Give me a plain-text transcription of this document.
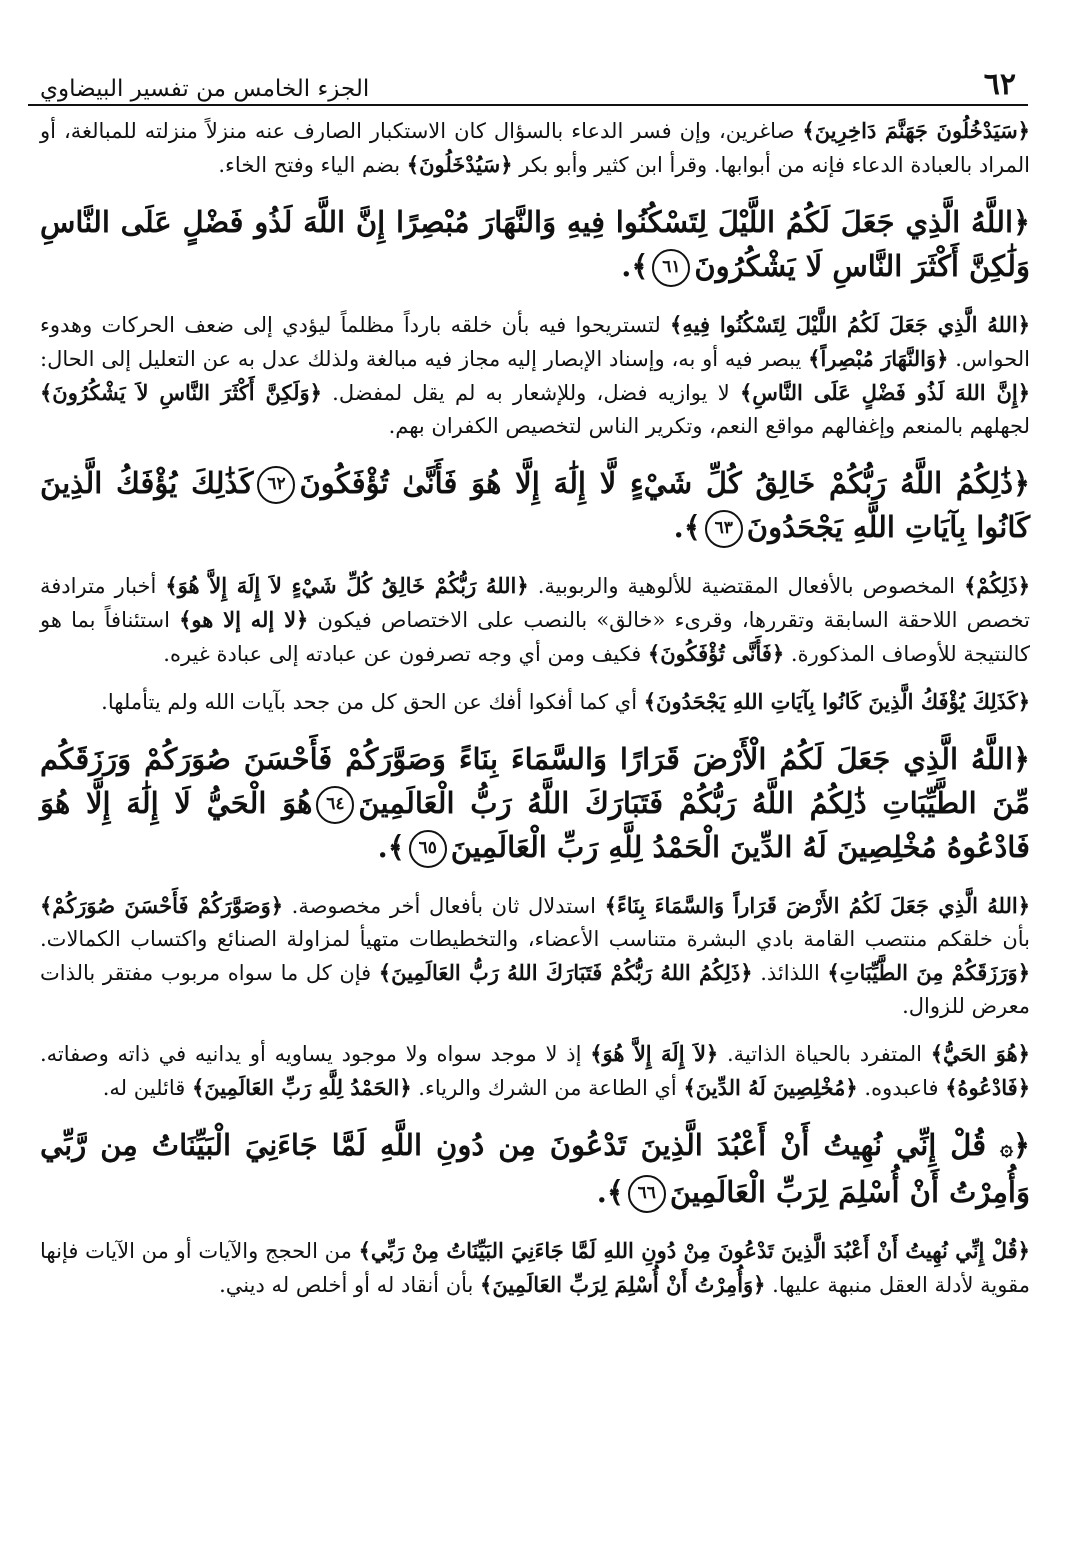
٦٢
الجزء الخامس من تفسير البيضاوي

﴿سَيَدْخُلُونَ جَهَنَّمَ دَاخِرِينَ﴾ صاغرين، وإن فسر الدعاء بالسؤال كان الاستكبار الصارف عنه منزلاً منزلته للمبالغة، أو المراد بالعبادة الدعاء فإنه من أبوابها. وقرأ ابن كثير وأبو بكر ﴿سَيُدْخَلُونَ﴾ بضم الياء وفتح الخاء.

﴿اللَّهُ الَّذِي جَعَلَ لَكُمُ اللَّيْلَ لِتَسْكُنُوا فِيهِ وَالنَّهَارَ مُبْصِرًا إِنَّ اللَّهَ لَذُو فَضْلٍ عَلَى النَّاسِ وَلَٰكِنَّ أَكْثَرَ النَّاسِ لَا يَشْكُرُونَ٦١﴾.

﴿اللهُ الَّذِي جَعَلَ لَكُمُ اللَّيْلَ لِتَسْكُنُوا فِيهِ﴾ لتستريحوا فيه بأن خلقه بارداً مظلماً ليؤدي إلى ضعف الحركات وهدوء الحواس. ﴿وَالنَّهَارَ مُبْصِراً﴾ يبصر فيه أو به، وإسناد الإبصار إليه مجاز فيه مبالغة ولذلك عدل به عن التعليل إلى الحال: ﴿إِنَّ اللهَ لَذُو فَضْلٍ عَلَى النَّاسِ﴾ لا يوازيه فضل، وللإشعار به لم يقل لمفضل. ﴿وَلَكِنَّ أَكْثَرَ النَّاسِ لاَ يَشْكُرُونَ﴾ لجهلهم بالمنعم وإغفالهم مواقع النعم، وتكرير الناس لتخصيص الكفران بهم.

﴿ذَٰلِكُمُ اللَّهُ رَبُّكُمْ خَالِقُ كُلِّ شَيْءٍ لَّا إِلَٰهَ إِلَّا هُوَ فَأَنَّىٰ تُؤْفَكُونَ٦٢كَذَٰلِكَ يُؤْفَكُ الَّذِينَ كَانُوا بِآيَاتِ اللَّهِ يَجْحَدُونَ٦٣﴾.

﴿ذَلِكُمْ﴾ المخصوص بالأفعال المقتضية للألوهية والربوبية. ﴿اللهُ رَبُّكُمْ خَالِقُ كُلِّ شَيْءٍ لاَ إِلَهَ إِلاَّ هُوَ﴾ أخبار مترادفة تخصص اللاحقة السابقة وتقررها، وقرىء «خالق» بالنصب على الاختصاص فيكون ﴿لا إله إلا هو﴾ استئنافاً بما هو كالنتيجة للأوصاف المذكورة. ﴿فَأَنَّى تُؤْفَكُونَ﴾ فكيف ومن أي وجه تصرفون عن عبادته إلى عبادة غيره.

﴿كَذَلِكَ يُؤْفَكُ الَّذِينَ كَانُوا بِآيَاتِ اللهِ يَجْحَدُونَ﴾ أي كما أفكوا أفك عن الحق كل من جحد بآيات الله ولم يتأملها.

﴿اللَّهُ الَّذِي جَعَلَ لَكُمُ الْأَرْضَ قَرَارًا وَالسَّمَاءَ بِنَاءً وَصَوَّرَكُمْ فَأَحْسَنَ صُوَرَكُمْ وَرَزَقَكُم مِّنَ الطَّيِّبَاتِ ذَٰلِكُمُ اللَّهُ رَبُّكُمْ فَتَبَارَكَ اللَّهُ رَبُّ الْعَالَمِينَ٦٤هُوَ الْحَيُّ لَا إِلَٰهَ إِلَّا هُوَ فَادْعُوهُ مُخْلِصِينَ لَهُ الدِّينَ الْحَمْدُ لِلَّهِ رَبِّ الْعَالَمِينَ٦٥﴾.

﴿اللهُ الَّذِي جَعَلَ لَكُمُ الأَرْضَ قَرَاراً وَالسَّمَاءَ بِنَاءً﴾ استدلال ثان بأفعال أخر مخصوصة. ﴿وَصَوَّرَكُمْ فَأَحْسَنَ صُوَرَكُمْ﴾ بأن خلقكم منتصب القامة بادي البشرة متناسب الأعضاء، والتخطيطات متهيأ لمزاولة الصنائع واكتساب الكمالات. ﴿وَرَزَقَكُمْ مِنَ الطَّيِّبَاتِ﴾ اللذائذ. ﴿ذَلِكُمُ اللهُ رَبُّكُمْ فَتَبَارَكَ اللهُ رَبُّ العَالَمِينَ﴾ فإن كل ما سواه مربوب مفتقر بالذات معرض للزوال.

﴿هُوَ الحَيُّ﴾ المتفرد بالحياة الذاتية. ﴿لاَ إِلَهَ إِلاَّ هُوَ﴾ إذ لا موجد سواه ولا موجود يساويه أو يدانيه في ذاته وصفاته. ﴿فَادْعُوهُ﴾ فاعبدوه. ﴿مُخْلِصِينَ لَهُ الدِّينَ﴾ أي الطاعة من الشرك والرياء. ﴿الحَمْدُ لِلَّهِ رَبِّ العَالَمِينَ﴾ قائلين له.

﴿۞ قُلْ إِنِّي نُهِيتُ أَنْ أَعْبُدَ الَّذِينَ تَدْعُونَ مِن دُونِ اللَّهِ لَمَّا جَاءَنِيَ الْبَيِّنَاتُ مِن رَّبِّي وَأُمِرْتُ أَنْ أُسْلِمَ لِرَبِّ الْعَالَمِينَ٦٦﴾.

﴿قُلْ إِنِّي نُهِيتُ أَنْ أَعْبُدَ الَّذِينَ تَدْعُونَ مِنْ دُونِ اللهِ لَمَّا جَاءَنِيَ البَيِّنَاتُ مِنْ رَبِّي﴾ من الحجج والآيات أو من الآيات فإنها مقوية لأدلة العقل منبهة عليها. ﴿وَأُمِرْتُ أَنْ أُسْلِمَ لِرَبِّ العَالَمِينَ﴾ بأن أنقاد له أو أخلص له ديني.
